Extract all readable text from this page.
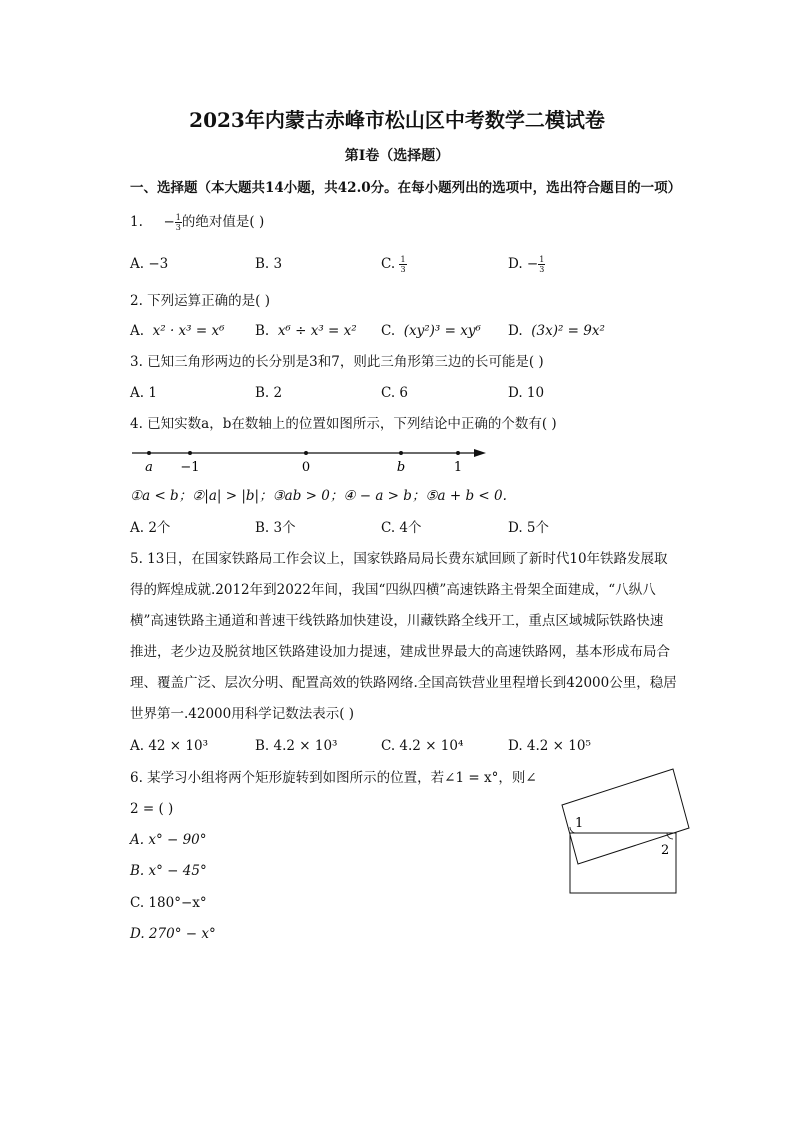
2023年内蒙古赤峰市松山区中考数学二模试卷
第Ⅰ卷（选择题）
一、选择题（本大题共14小题，共42.0分。在每小题列出的选项中，选出符合题目的一项）
1. − $\frac{1}{3}$ 的绝对值是( )
A. −3	B. 3	C. $\frac{1}{3}$	D. − $\frac{1}{3}$
2. 下列运算正确的是( )
A. x² · x³ = x⁶ B. x⁶ ÷ x³ = x² C. (xy²)³ = xy⁶ D. (3x)² = 9x²
3. 已知三角形两边的长分别是3和7，则此三角形第三边的长可能是( )
A. 1	B. 2	C. 6	D. 10
4. 已知实数a，b在数轴上的位置如图所示，下列结论中正确的个数有( )
a −1	0	b	1
①a < b；②|a| > |b|；③ab > 0；④ − a > b；⑤a + b < 0.
A. 2个	B. 3个	C. 4个	D. 5个
5. 13日，在国家铁路局工作会议上，国家铁路局局长费东斌回顾了新时代10年铁路发展取
得的辉煌成就.2012年到2022年间，我国“四纵四横”高速铁路主骨架全面建成，“八纵八
横”高速铁路主通道和普速干线铁路加快建设，川藏铁路全线开工，重点区域城际铁路快速
推进，老少边及脱贫地区铁路建设加力提速，建成世界最大的高速铁路网，基本形成布局合
理、覆盖广泛、层次分明、配置高效的铁路网络.全国高铁营业里程增长到42000公里，稳居
世界第一.42000用科学记数法表示( )
A. 42 × 10³	B. 4.2 × 10³	C. 4.2 × 10⁴	D. 4.2 × 10⁵
6. 某学习小组将两个矩形旋转到如图所示的位置，若∠1 = x°，则∠
2 = ( )
A. x° − 90°
B. x° − 45°
C. 180°−x°
D. 270° − x°
1
2
